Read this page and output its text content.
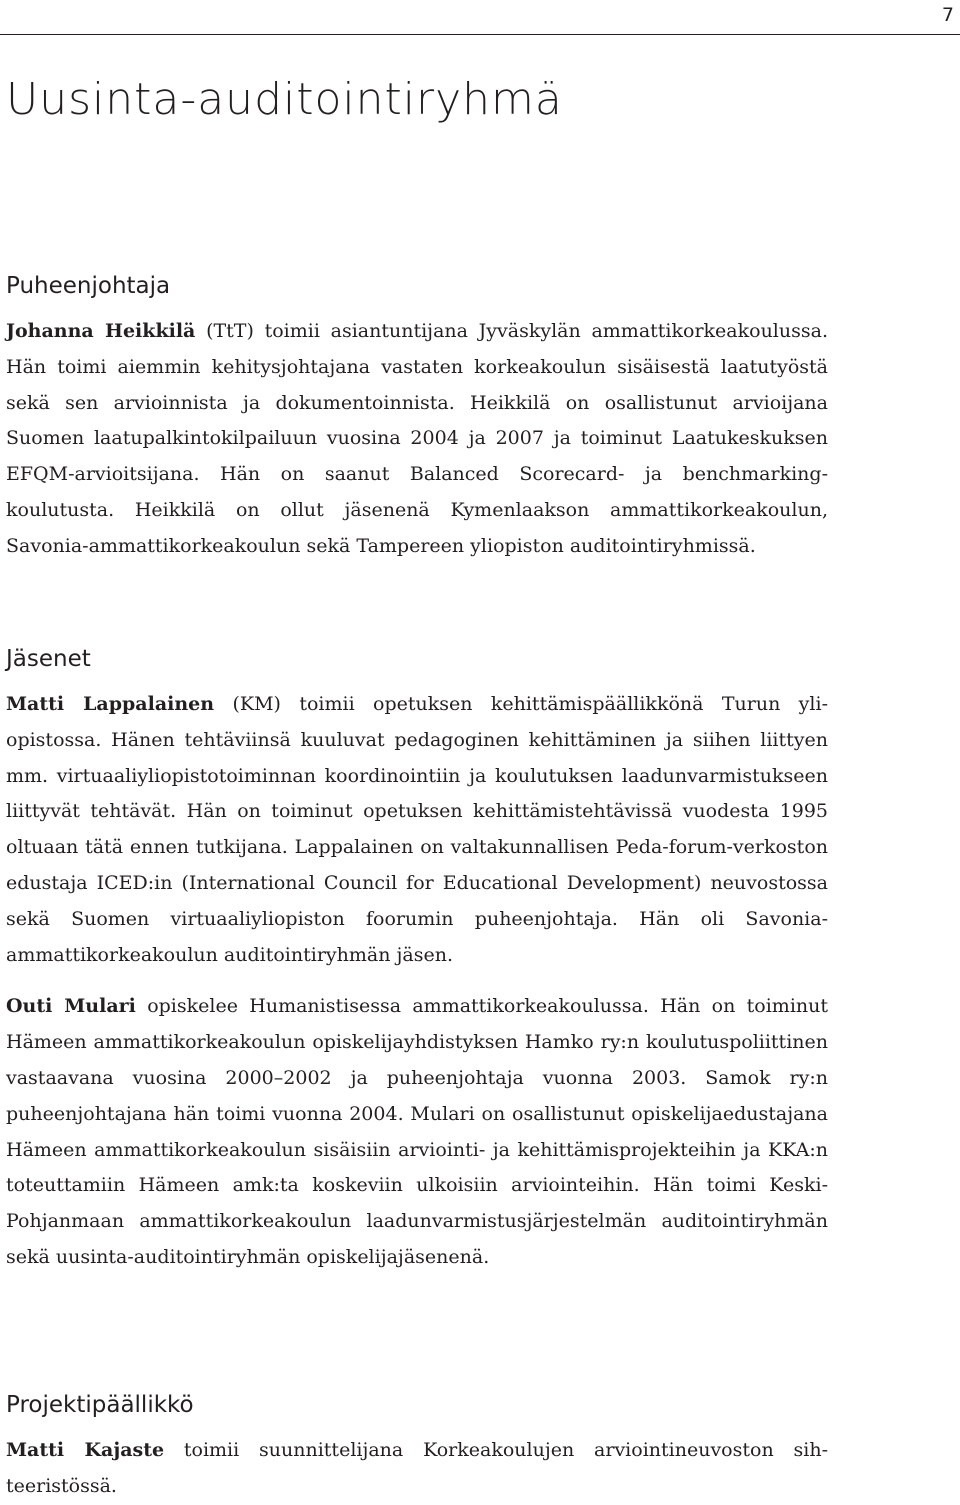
7
Uusinta-auditointiryhmä
Puheenjohtaja

Johanna Heikkilä (TtT) toimii asiantuntijana Jyväskylän ammattikorkeakoulussa. Hän toimi aiemmin kehitysjohtajana vastaten korkeakoulun sisäisestä laatutyöstä sekä sen arvioinnista ja dokumentoinnista. Heikkilä on osallistunut arvioijana Suomen laatupalkintokilpailuun vuosina 2004 ja 2007 ja toiminut Laatukeskuksen EFQM-arvioitsijana. Hän on saanut Balanced Scorecard- ja benchmarking-koulutusta. Heikkilä on ollut jäsenenä Kymenlaakson ammattikorkeakoulun, Savonia-ammattikorkeakoulun sekä Tampereen yliopiston auditointiryhmissä.

Jäsenet

Matti Lappalainen (KM) toimii opetuksen kehittämispäällikkönä Turun yliopistossa. Hänen tehtäviinsä kuuluvat pedagoginen kehittäminen ja siihen liittyen mm. virtuaaliyliopistotoiminnan koordinointiin ja koulutuksen laadunvarmistukseen liittyvät tehtävät. Hän on toiminut opetuksen kehittämistehtävissä vuodesta 1995 oltuaan tätä ennen tutkijana. Lappalainen on valtakunnallisen Peda-forum-verkoston edustaja ICED:in (International Council for Educational Development) neuvostossa sekä Suomen virtuaaliyliopiston foorumin puheenjohtaja. Hän oli Savonia-ammattikorkeakoulun auditointiryhmän jäsen.

Outi Mulari opiskelee Humanistisessa ammattikorkeakoulussa. Hän on toiminut Hämeen ammattikorkeakoulun opiskelijayhdistyksen Hamko ry:n koulutuspoliittinen vastaavana vuosina 2000–2002 ja puheenjohtaja vuonna 2003. Samok ry:n puheenjohtajana hän toimi vuonna 2004. Mulari on osallistunut opiskelijaedustajana Hämeen ammattikorkeakoulun sisäisiin arviointi- ja kehittämisprojekteihin ja KKA:n toteuttamiin Hämeen amk:ta koskeviin ulkoisiin arviointeihin. Hän toimi Keski-Pohjanmaan ammattikorkeakoulun laadunvarmistusjärjestelmän auditointiryhmän sekä uusinta-auditointiryhmän opiskelijajäsenenä.

Projektipäällikkö

Matti Kajaste toimii suunnittelijana Korkeakoulujen arviointineuvoston sihteeristössä.
